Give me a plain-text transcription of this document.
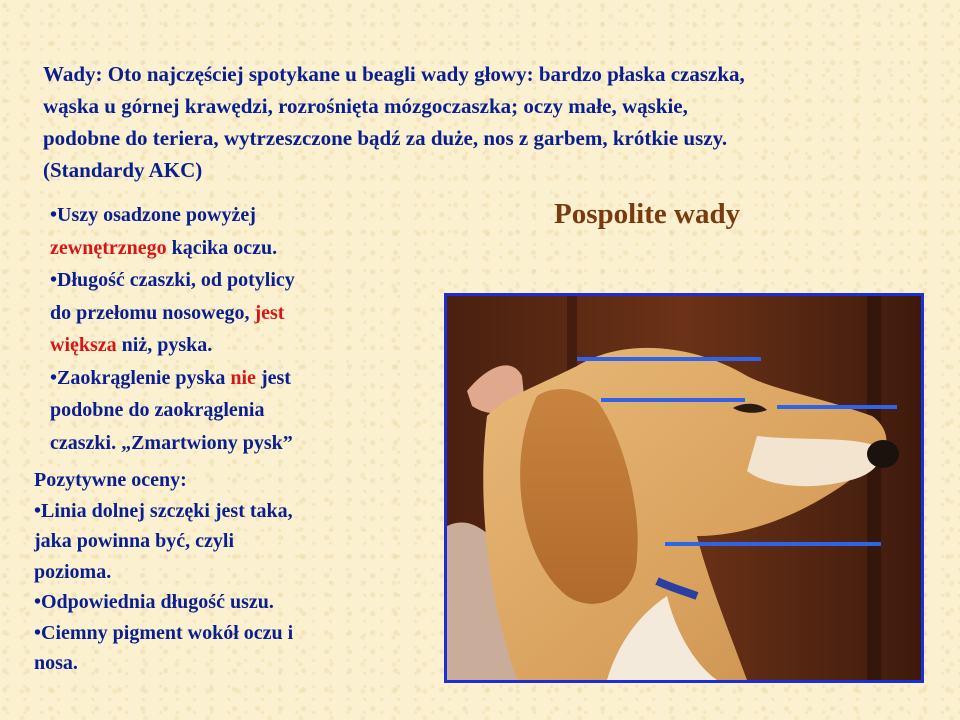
Wady: Oto najczęściej spotykane u beagli wady głowy: bardzo płaska czaszka,

wąska u górnej krawędzi, rozrośnięta mózgoczaszka; oczy małe, wąskie,

podobne do teriera, wytrzeszczone bądź za duże, nos z garbem, krótkie uszy.

(Standardy AKC)

Pospolite wady

•Uszy osadzone powyżej

zewnętrznego kącika oczu.

•Długość czaszki, od potylicy

do przełomu nosowego, jest

większa niż, pyska.

•Zaokrąglenie pyska nie jest

podobne do zaokrąglenia

czaszki. „Zmartwiony pysk”

Pozytywne oceny:

•Linia dolnej szczęki jest taka,

jaka powinna być, czyli

pozioma.

•Odpowiednia długość uszu.

•Ciemny pigment wokół oczu i

nosa.
